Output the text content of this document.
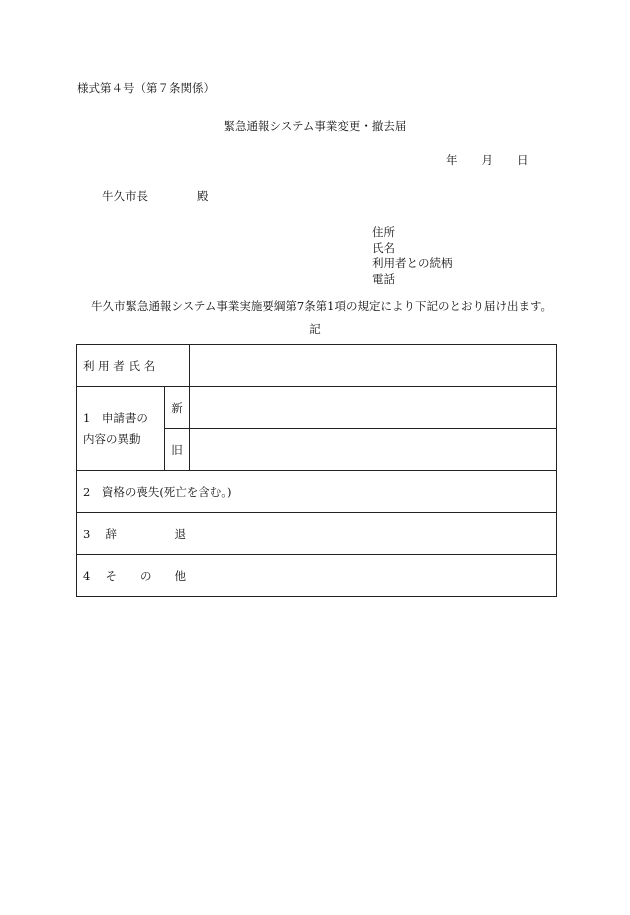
様式第４号（第７条関係）
緊急通報システム事業変更・撤去届
年 月 日
牛久市長	殿
住所
氏名
利用者との続柄
電話
牛久市緊急通報システム事業実施要綱第7条第1項の規定により下記のとおり届け出ます。
記
利 用 者 氏 名		
1　申請書の内容の異動	新	
	旧	
2　資格の喪失(死亡を含む。)		
3　 辞　　　　　退		
4　 そ　　の　　他		
